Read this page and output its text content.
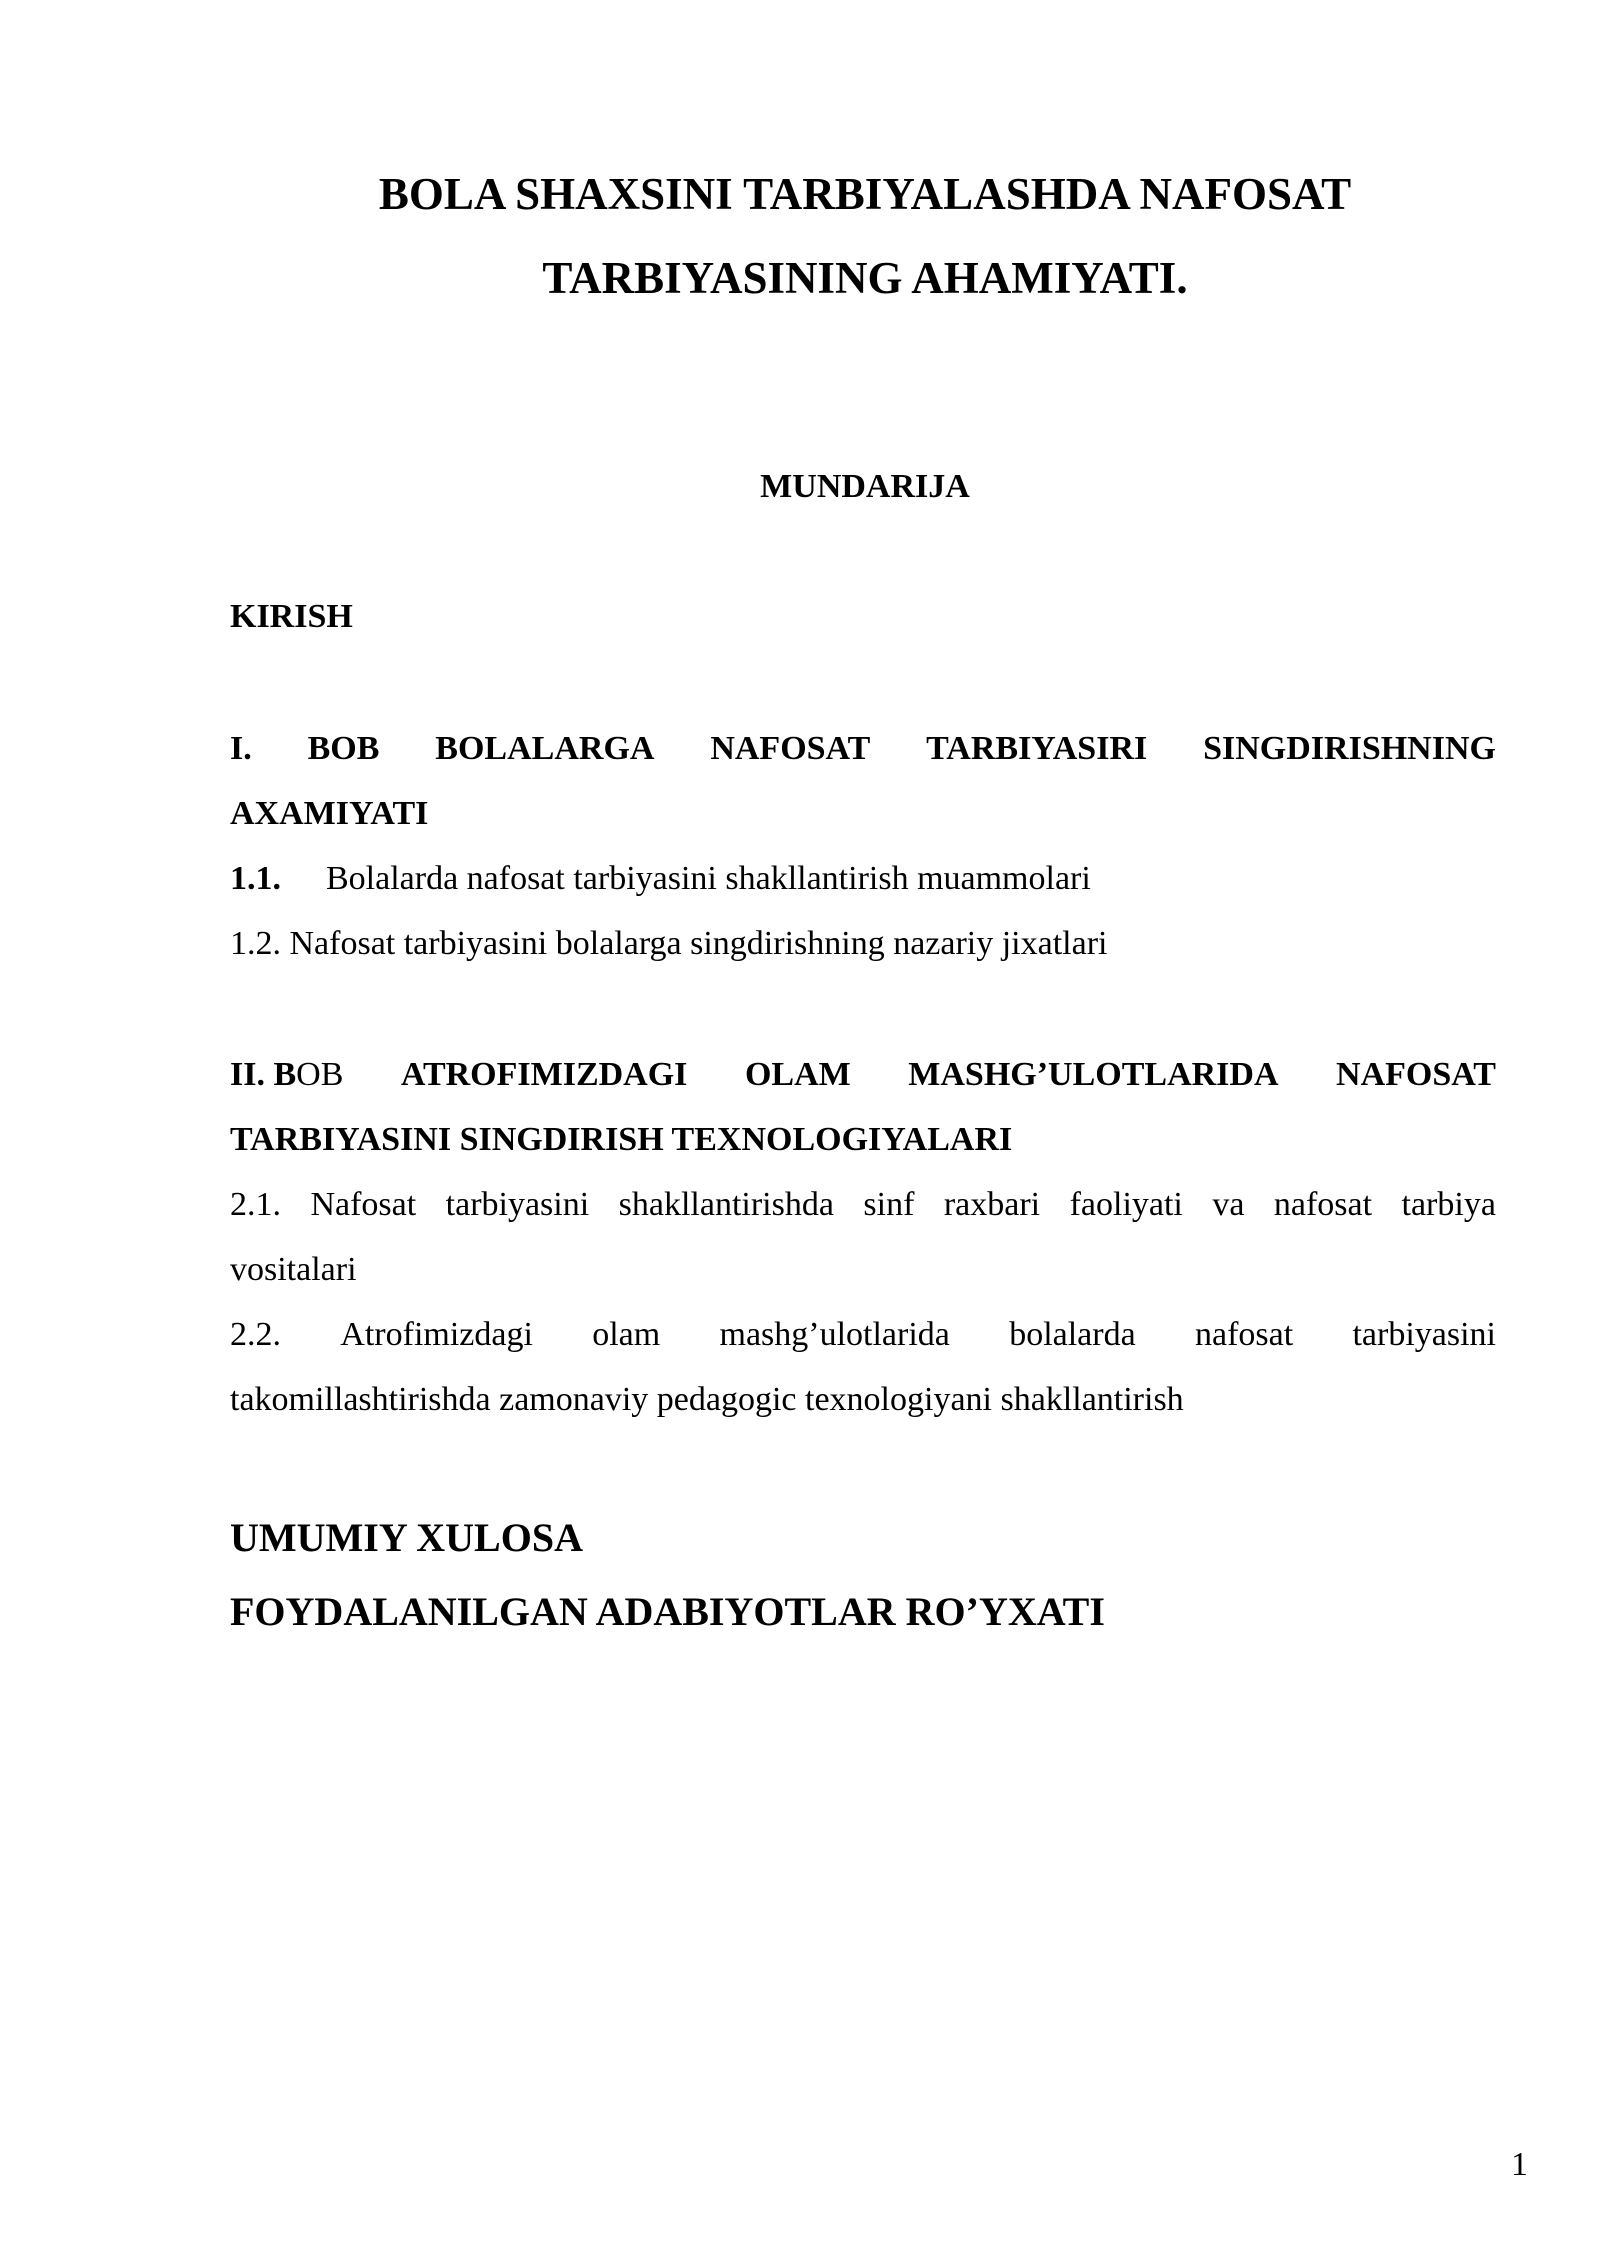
BOLA SHAXSINI TARBIYALASHDA NAFOSAT
TARBIYASINING AHAMIYATI.
MUNDARIJA
KIRISH
I. BOB BOLALARGA NAFOSAT TARBIYASIRI SINGDIRISHNING
AXAMIYATI
1.1. Bolalarda nafosat tarbiyasini shakllantirish muammolari
1.2. Nafosat tarbiyasini bolalarga singdirishning nazariy jixatlari
II. BOB ATROFIMIZDAGI OLAM MASHG’ULOTLARIDA NAFOSAT
TARBIYASINI SINGDIRISH TEXNOLOGIYALARI
2.1. Nafosat tarbiyasini shakllantirishda sinf raxbari faoliyati va nafosat tarbiya
vositalari
2.2. Atrofimizdagi olam mashg’ulotlarida bolalarda nafosat tarbiyasini
takomillashtirishda zamonaviy pedagogic texnologiyani shakllantirish
UMUMIY XULOSA
FOYDALANILGAN ADABIYOTLAR RO’YXATI
1
